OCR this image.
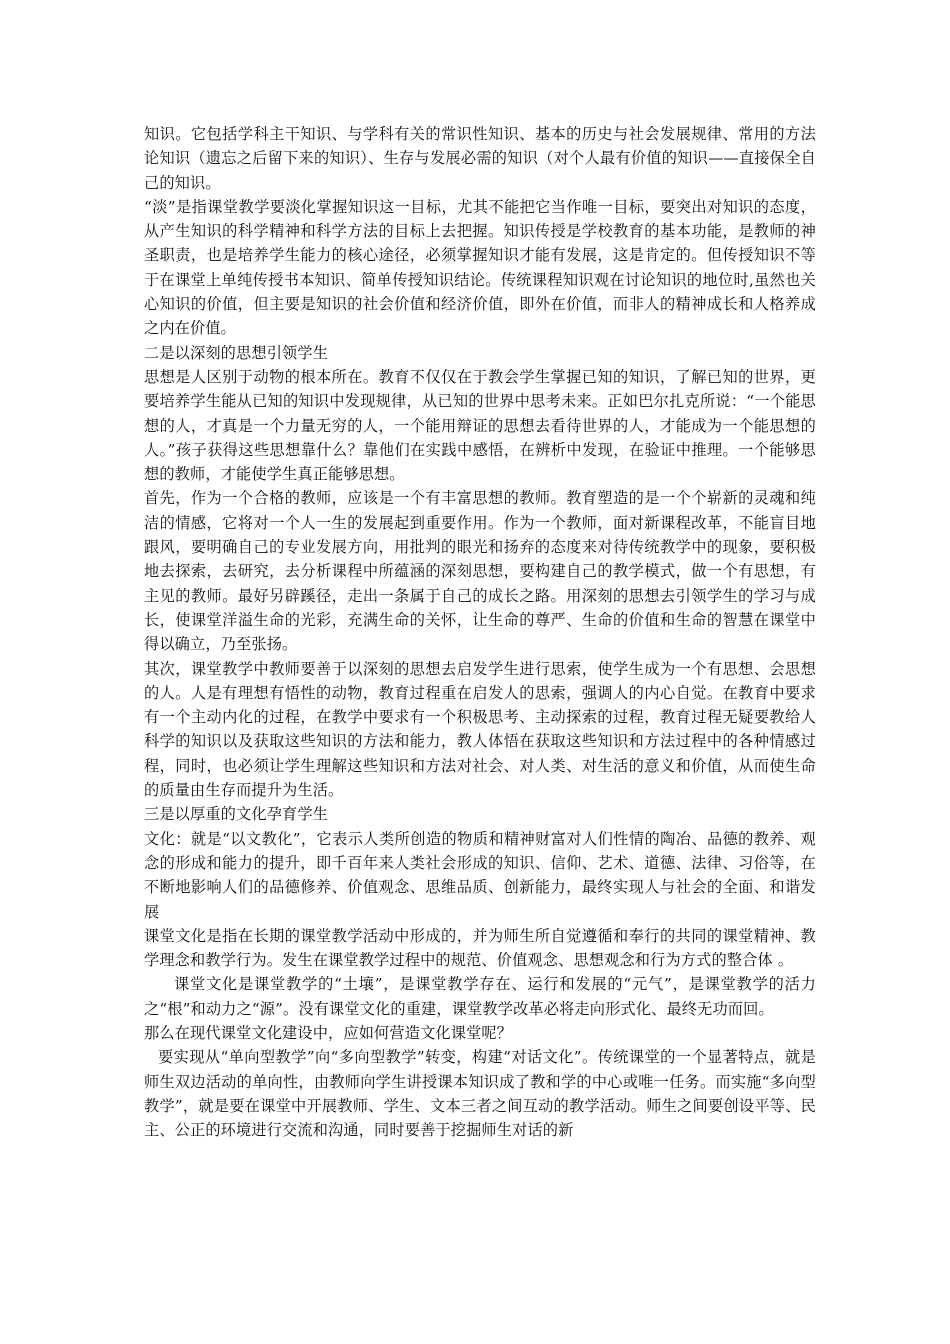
知识。它包括学科主干知识、与学科有关的常识性知识、基本的历史与社会发展规律、常用的方法论知识（遗忘之后留下来的知识）、生存与发展必需的知识（对个人最有价值的知识——直接保全自己的知识。

“淡”是指课堂教学要淡化掌握知识这一目标，尤其不能把它当作唯一目标，要突出对知识的态度，从产生知识的科学精神和科学方法的目标上去把握。知识传授是学校教育的基本功能，是教师的神圣职责，也是培养学生能力的核心途径，必须掌握知识才能有发展，这是肯定的。但传授知识不等于在课堂上单纯传授书本知识、简单传授知识结论。传统课程知识观在讨论知识的地位时,虽然也关心知识的价值，但主要是知识的社会价值和经济价值，即外在价值，而非人的精神成长和人格养成之内在价值。

二是以深刻的思想引领学生

思想是人区别于动物的根本所在。教育不仅仅在于教会学生掌握已知的知识，了解已知的世界，更要培养学生能从已知的知识中发现规律，从已知的世界中思考未来。正如巴尔扎克所说：“一个能思想的人，才真是一个力量无穷的人，一个能用辩证的思想去看待世界的人，才能成为一个能思想的人。”孩子获得这些思想靠什么？靠他们在实践中感悟，在辨析中发现，在验证中推理。一个能够思想的教师，才能使学生真正能够思想。

首先，作为一个合格的教师，应该是一个有丰富思想的教师。教育塑造的是一个个崭新的灵魂和纯洁的情感，它将对一个人一生的发展起到重要作用。作为一个教师，面对新课程改革，不能盲目地跟风，要明确自己的专业发展方向，用批判的眼光和扬弃的态度来对待传统教学中的现象，要积极地去探索，去研究，去分析课程中所蕴涵的深刻思想，要构建自己的教学模式，做一个有思想，有主见的教师。最好另辟蹊径，走出一条属于自己的成长之路。用深刻的思想去引领学生的学习与成长，使课堂洋溢生命的光彩，充满生命的关怀，让生命的尊严、生命的价值和生命的智慧在课堂中得以确立，乃至张扬。

其次，课堂教学中教师要善于以深刻的思想去启发学生进行思索，使学生成为一个有思想、会思想的人。人是有理想有悟性的动物，教育过程重在启发人的思索，强调人的内心自觉。在教育中要求有一个主动内化的过程，在教学中要求有一个积极思考、主动探索的过程，教育过程无疑要教给人科学的知识以及获取这些知识的方法和能力，教人体悟在获取这些知识和方法过程中的各种情感过程，同时，也必须让学生理解这些知识和方法对社会、对人类、对生活的意义和价值，从而使生命的质量由生存而提升为生活。

三是以厚重的文化孕育学生

文化：就是“以文教化”，它表示人类所创造的物质和精神财富对人们性情的陶冶、品德的教养、观念的形成和能力的提升，即千百年来人类社会形成的知识、信仰、艺术、道德、法律、习俗等，在不断地影响人们的品德修养、价值观念、思维品质、创新能力，最终实现人与社会的全面、和谐发展

课堂文化是指在长期的课堂教学活动中形成的，并为师生所自觉遵循和奉行的共同的课堂精神、教学理念和教学行为。发生在课堂教学过程中的规范、价值观念、思想观念和行为方式的整合体 。

课堂文化是课堂教学的“土壤”，是课堂教学存在、运行和发展的“元气”，是课堂教学的活力之“根”和动力之“源”。没有课堂文化的重建，课堂教学改革必将走向形式化、最终无功而回。

那么在现代课堂文化建设中，应如何营造文化课堂呢？

要实现从“单向型教学”向“多向型教学”转变，构建“对话文化”。传统课堂的一个显著特点，就是师生双边活动的单向性，由教师向学生讲授课本知识成了教和学的中心或唯一任务。而实施“多向型教学”，就是要在课堂中开展教师、学生、文本三者之间互动的教学活动。师生之间要创设平等、民主、公正的环境进行交流和沟通，同时要善于挖掘师生对话的新
